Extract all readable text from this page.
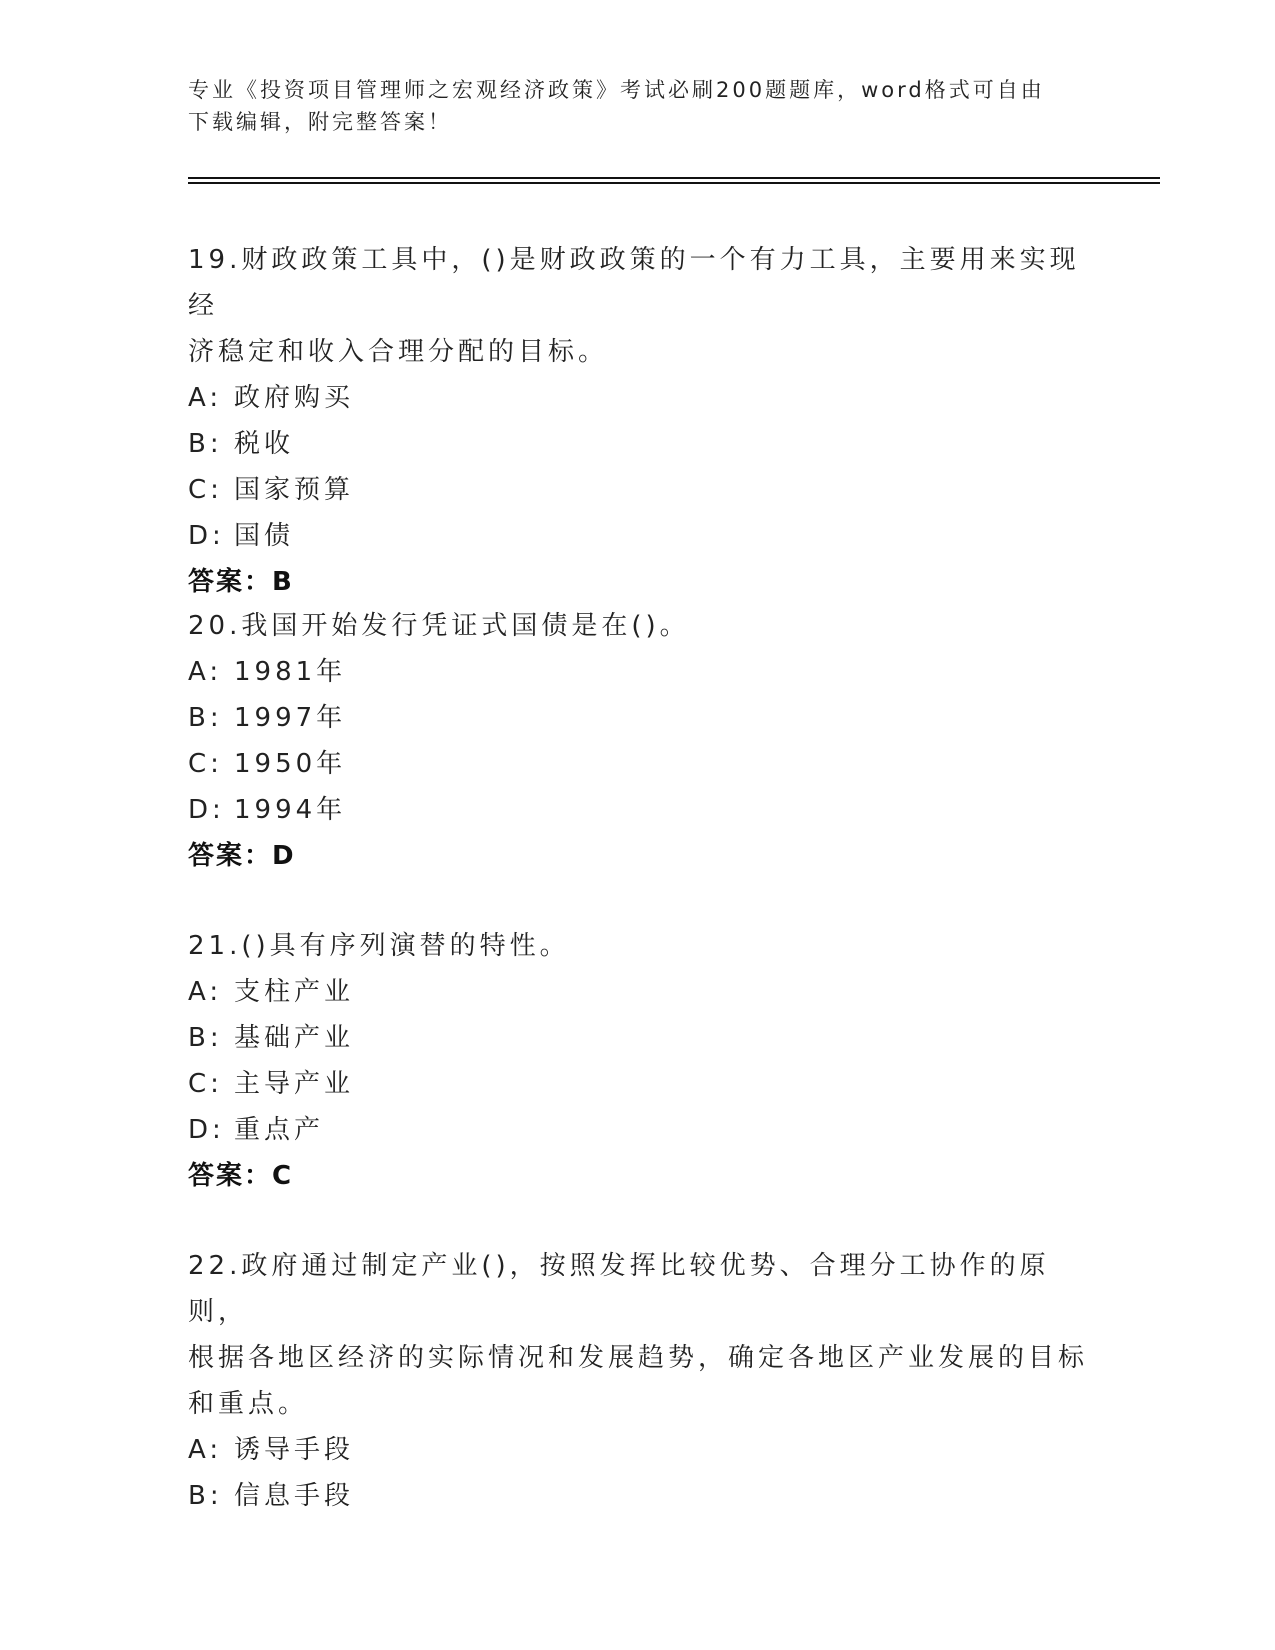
专业《投资项目管理师之宏观经济政策》考试必刷200题题库，word格式可自由
下载编辑，附完整答案！
19.财政政策工具中，()是财政政策的一个有力工具，主要用来实现经
济稳定和收入合理分配的目标。
A: 政府购买
B: 税收
C: 国家预算
D: 国债
答案：B
20.我国开始发行凭证式国债是在()。
A: 1981年
B: 1997年
C: 1950年
D: 1994年
答案：D
21.()具有序列演替的特性。
A: 支柱产业
B: 基础产业
C: 主导产业
D: 重点产
答案：C
22.政府通过制定产业()，按照发挥比较优势、合理分工协作的原则，
根据各地区经济的实际情况和发展趋势，确定各地区产业发展的目标
和重点。
A: 诱导手段
B: 信息手段
